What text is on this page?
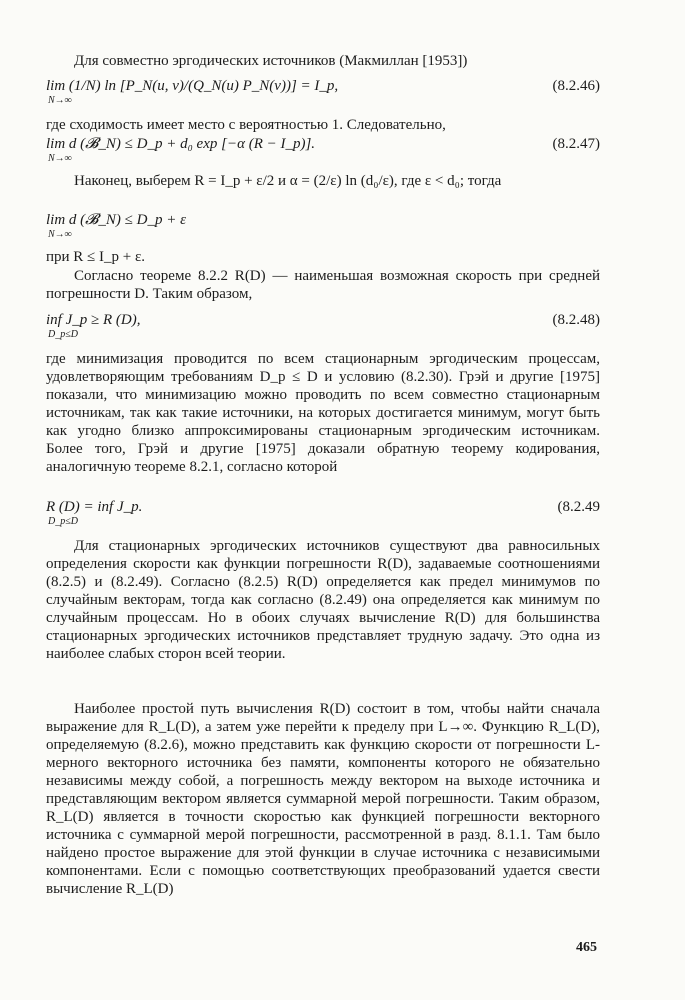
Для совместно эргодических источников (Макмиллан [1953])

lim (1/N) ln [P_N(u, v)/(Q_N(u) P_N(v))] = I_p,
N→∞
(8.2.46)

где сходимость имеет место с вероятностью 1. Следовательно,

lim d (𝓑_N) ≤ D_p + d₀ exp [−α (R − I_p)].
N→∞
(8.2.47)

Наконец, выберем R = I_p + ε/2 и α = (2/ε) ln (d₀/ε), где ε < d₀; тогда

lim d (𝓑_N) ≤ D_p + ε
N→∞

при R ≤ I_p + ε.

Согласно теореме 8.2.2 R(D) — наименьшая возможная скорость при средней погрешности D. Таким образом,

inf J_p ≥ R (D),
D_p≤D
(8.2.48)

где минимизация проводится по всем стационарным эргодическим процессам, удовлетворяющим требованиям D_p ≤ D и условию (8.2.30). Грэй и другие [1975] показали, что минимизацию можно проводить по всем совместно стационарным источникам, так как такие источники, на которых достигается минимум, могут быть как угодно близко аппроксимированы стационарным эргодическим источникам. Более того, Грэй и другие [1975] доказали обратную теорему кодирования, аналогичную теореме 8.2.1, согласно которой

R (D) = inf J_p.
D_p≤D
(8.2.49

Для стационарных эргодических источников существуют два равносильных определения скорости как функции погрешности R(D), задаваемые соотношениями (8.2.5) и (8.2.49). Согласно (8.2.5) R(D) определяется как предел минимумов по случайным векторам, тогда как согласно (8.2.49) она определяется как минимум по случайным процессам. Но в обоих случаях вычисление R(D) для большинства стационарных эргодических источников представляет трудную задачу. Это одна из наиболее слабых сторон всей теории.

Наиболее простой путь вычисления R(D) состоит в том, чтобы найти сначала выражение для R_L(D), а затем уже перейти к пределу при L→∞. Функцию R_L(D), определяемую (8.2.6), можно представить как функцию скорости от погрешности L-мерного векторного источника без памяти, компоненты которого не обязательно независимы между собой, а погрешность между вектором на выходе источника и представляющим вектором является суммарной мерой погрешности. Таким образом, R_L(D) является в точности скоростью как функцией погрешности векторного источника с суммарной мерой погрешности, рассмотренной в разд. 8.1.1. Там было найдено простое выражение для этой функции в случае источника с независимыми компонентами. Если с помощью соответствующих преобразований удается свести вычисление R_L(D)

465
